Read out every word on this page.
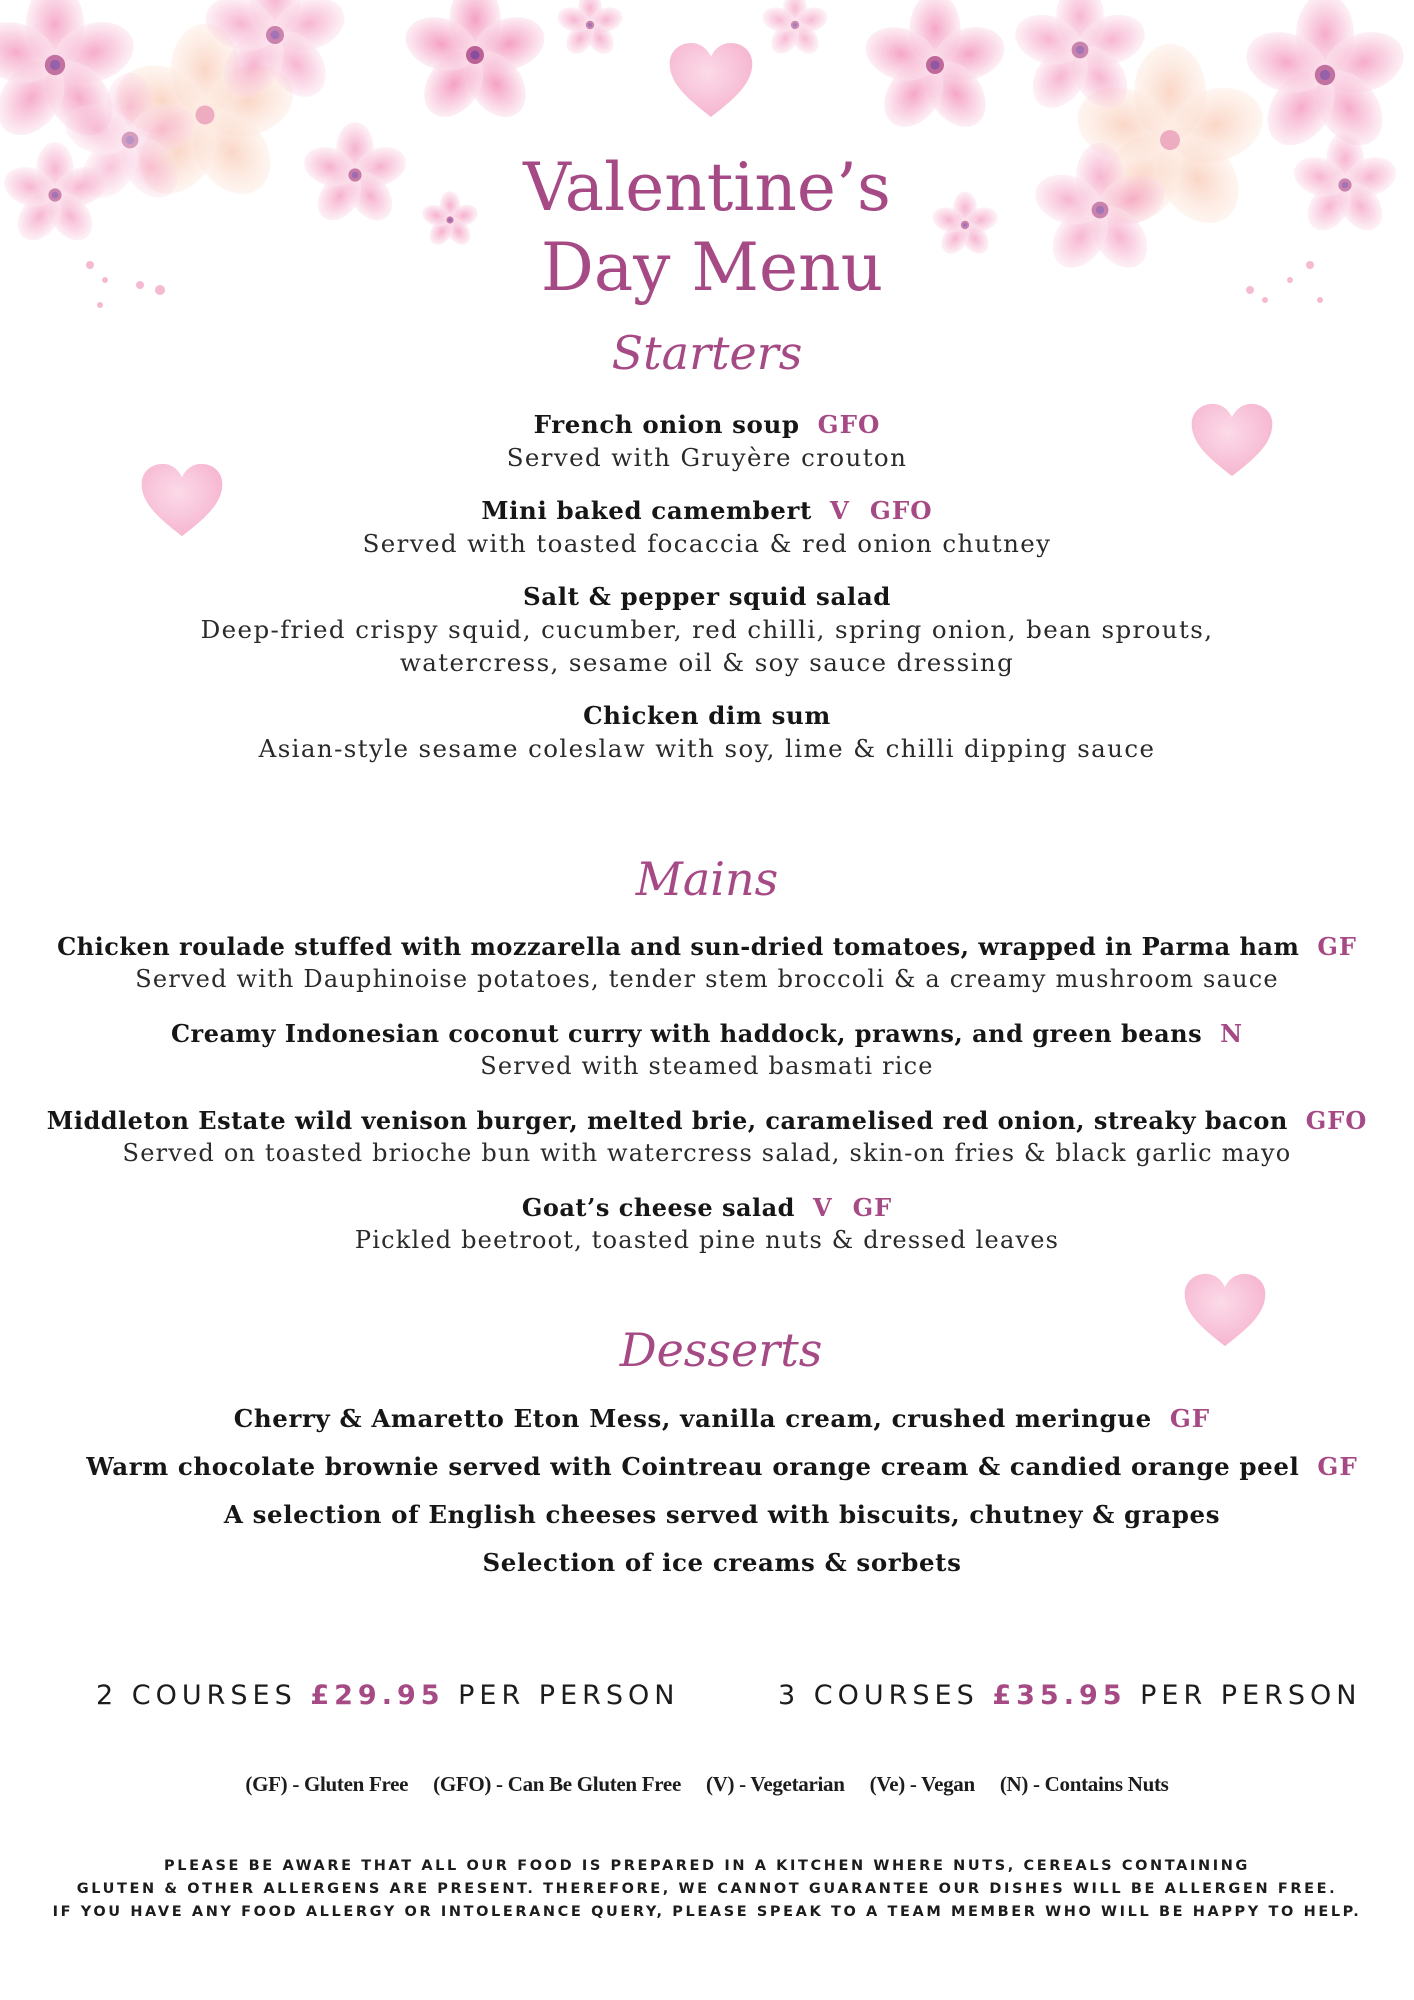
Valentine’s
Day Menu
Starters
French onion soup GFO
Served with Gruyère crouton
Mini baked camembert V GFO
Served with toasted focaccia & red onion chutney
Salt & pepper squid salad
Deep-fried crispy squid, cucumber, red chilli, spring onion, bean sprouts,
watercress, sesame oil & soy sauce dressing
Chicken dim sum
Asian-style sesame coleslaw with soy, lime & chilli dipping sauce
Mains
Chicken roulade stuffed with mozzarella and sun-dried tomatoes, wrapped in Parma ham GF
Served with Dauphinoise potatoes, tender stem broccoli & a creamy mushroom sauce
Creamy Indonesian coconut curry with haddock, prawns, and green beans N
Served with steamed basmati rice
Middleton Estate wild venison burger, melted brie, caramelised red onion, streaky bacon GFO
Served on toasted brioche bun with watercress salad, skin-on fries & black garlic mayo
Goat’s cheese salad V GF
Pickled beetroot, toasted pine nuts & dressed leaves
Desserts
Cherry & Amaretto Eton Mess, vanilla cream, crushed meringue GF
Warm chocolate brownie served with Cointreau orange cream & candied orange peel GF
A selection of English cheeses served with biscuits, chutney & grapes
Selection of ice creams & sorbets
2 COURSES £29.95 PER PERSON	3 COURSES £35.95 PER PERSON
(GF) - Gluten Free (GFO) - Can Be Gluten Free (V) - Vegetarian (Ve) - Vegan (N) - Contains Nuts
PLEASE BE AWARE THAT ALL OUR FOOD IS PREPARED IN A KITCHEN WHERE NUTS, CEREALS CONTAINING
GLUTEN & OTHER ALLERGENS ARE PRESENT. THEREFORE, WE CANNOT GUARANTEE OUR DISHES WILL BE ALLERGEN FREE.
IF YOU HAVE ANY FOOD ALLERGY OR INTOLERANCE QUERY, PLEASE SPEAK TO A TEAM MEMBER WHO WILL BE HAPPY TO HELP.
